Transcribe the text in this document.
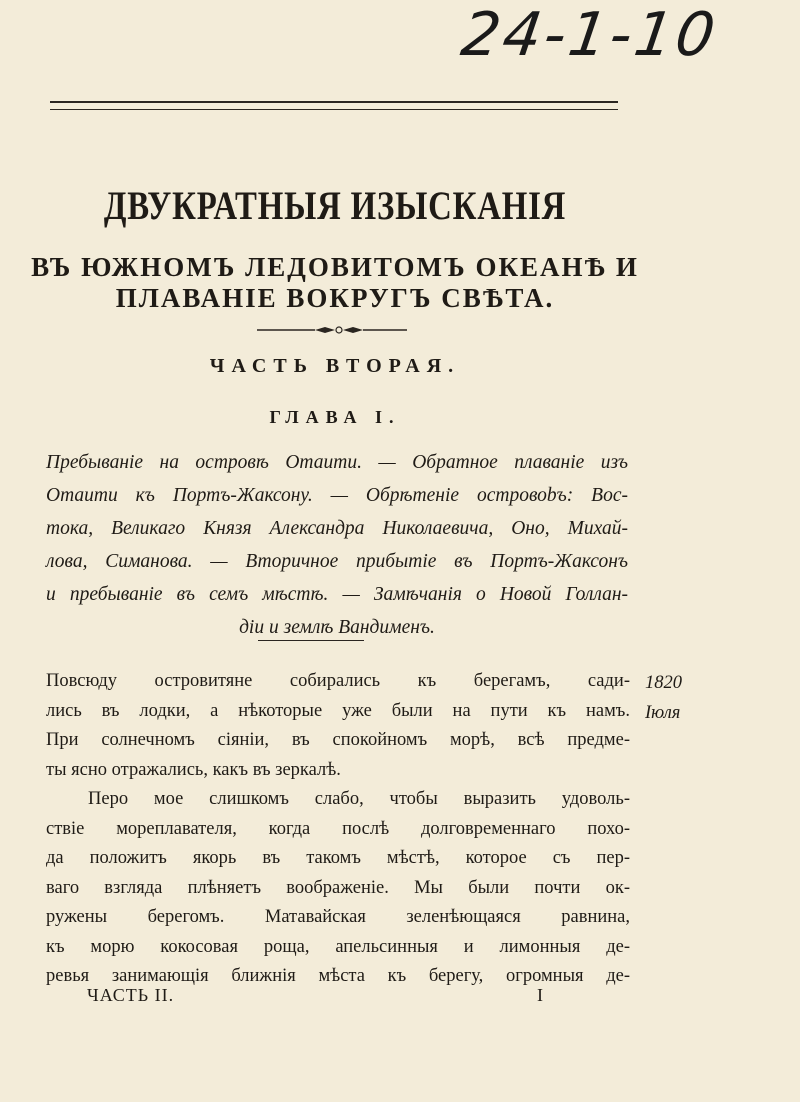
24-1-10
ДВУКРАТНЫЯ ИЗЫСКАНІЯ
ВЪ ЮЖНОМЪ ЛЕДОВИТОМЪ ОКЕАНѢ И
ПЛАВАНІЕ ВОКРУГЪ СВѢТА.
ЧАСТЬ ВТОРАЯ.
ГЛАВА І.
Пребываніе на островѣ Отаити. — Обратное плаваніе изъ
Отаити къ Портъ-Жаксону. — Обрѣтеніе островоbъ: Вос-
тока, Великаго Князя Александра Николаевича, Оно, Михай-
лова, Симанова. — Вторичное прибытіе въ Портъ-Жаксонъ
и пребываніе въ семъ мѣстѣ. — Замѣчанія о Новой Голлан-
діи и землѣ Вандименъ.
Повсюду островитяне собирались къ берегамъ, сади-
лись въ лодки, а нѣкоторые уже были на пути къ намъ.
При солнечномъ сіяніи, въ спокойномъ морѣ, всѣ предме-
ты ясно отражались, какъ въ зеркалѣ.
Перо мое слишкомъ слабо, чтобы выразить удоволь-
ствіе мореплавателя, когда послѣ долговременнаго похо-
да положитъ якорь въ такомъ мѣстѣ, которое съ пер-
ваго взгляда плѣняетъ воображеніе. Мы были почти ок-
ружены берегомъ. Матавайская зеленѣющаяся равнина,
къ морю кокосовая роща, апельсинныя и лимонныя де-
ревья занимающія ближнія мѣста къ берегу, огромныя де-
1820
Іюля
ЧАСТЬ II.	I
